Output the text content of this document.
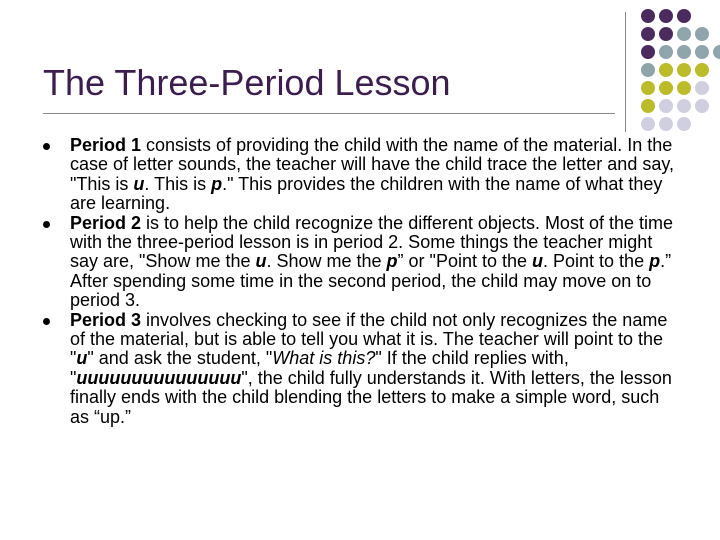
The Three-Period Lesson
Period 1 consists of providing the child with the name of the material. In the case of letter sounds, the teacher will have the child trace the letter and say, "This is u. This is p." This provides the children with the name of what they are learning.
Period 2 is to help the child recognize the different objects. Most of the time with the three-period lesson is in period 2. Some things the teacher might say are, "Show me the u. Show me the p” or "Point to the u. Point to the p.” After spending some time in the second period, the child may move on to period 3.
Period 3 involves checking to see if the child not only recognizes the name of the material, but is able to tell you what it is. The teacher will point to the "u" and ask the student, "What is this?" If the child replies with, "uuuuuuuuuuuuuuu", the child fully understands it. With letters, the lesson finally ends with the child blending the letters to make a simple word, such as “up.”
